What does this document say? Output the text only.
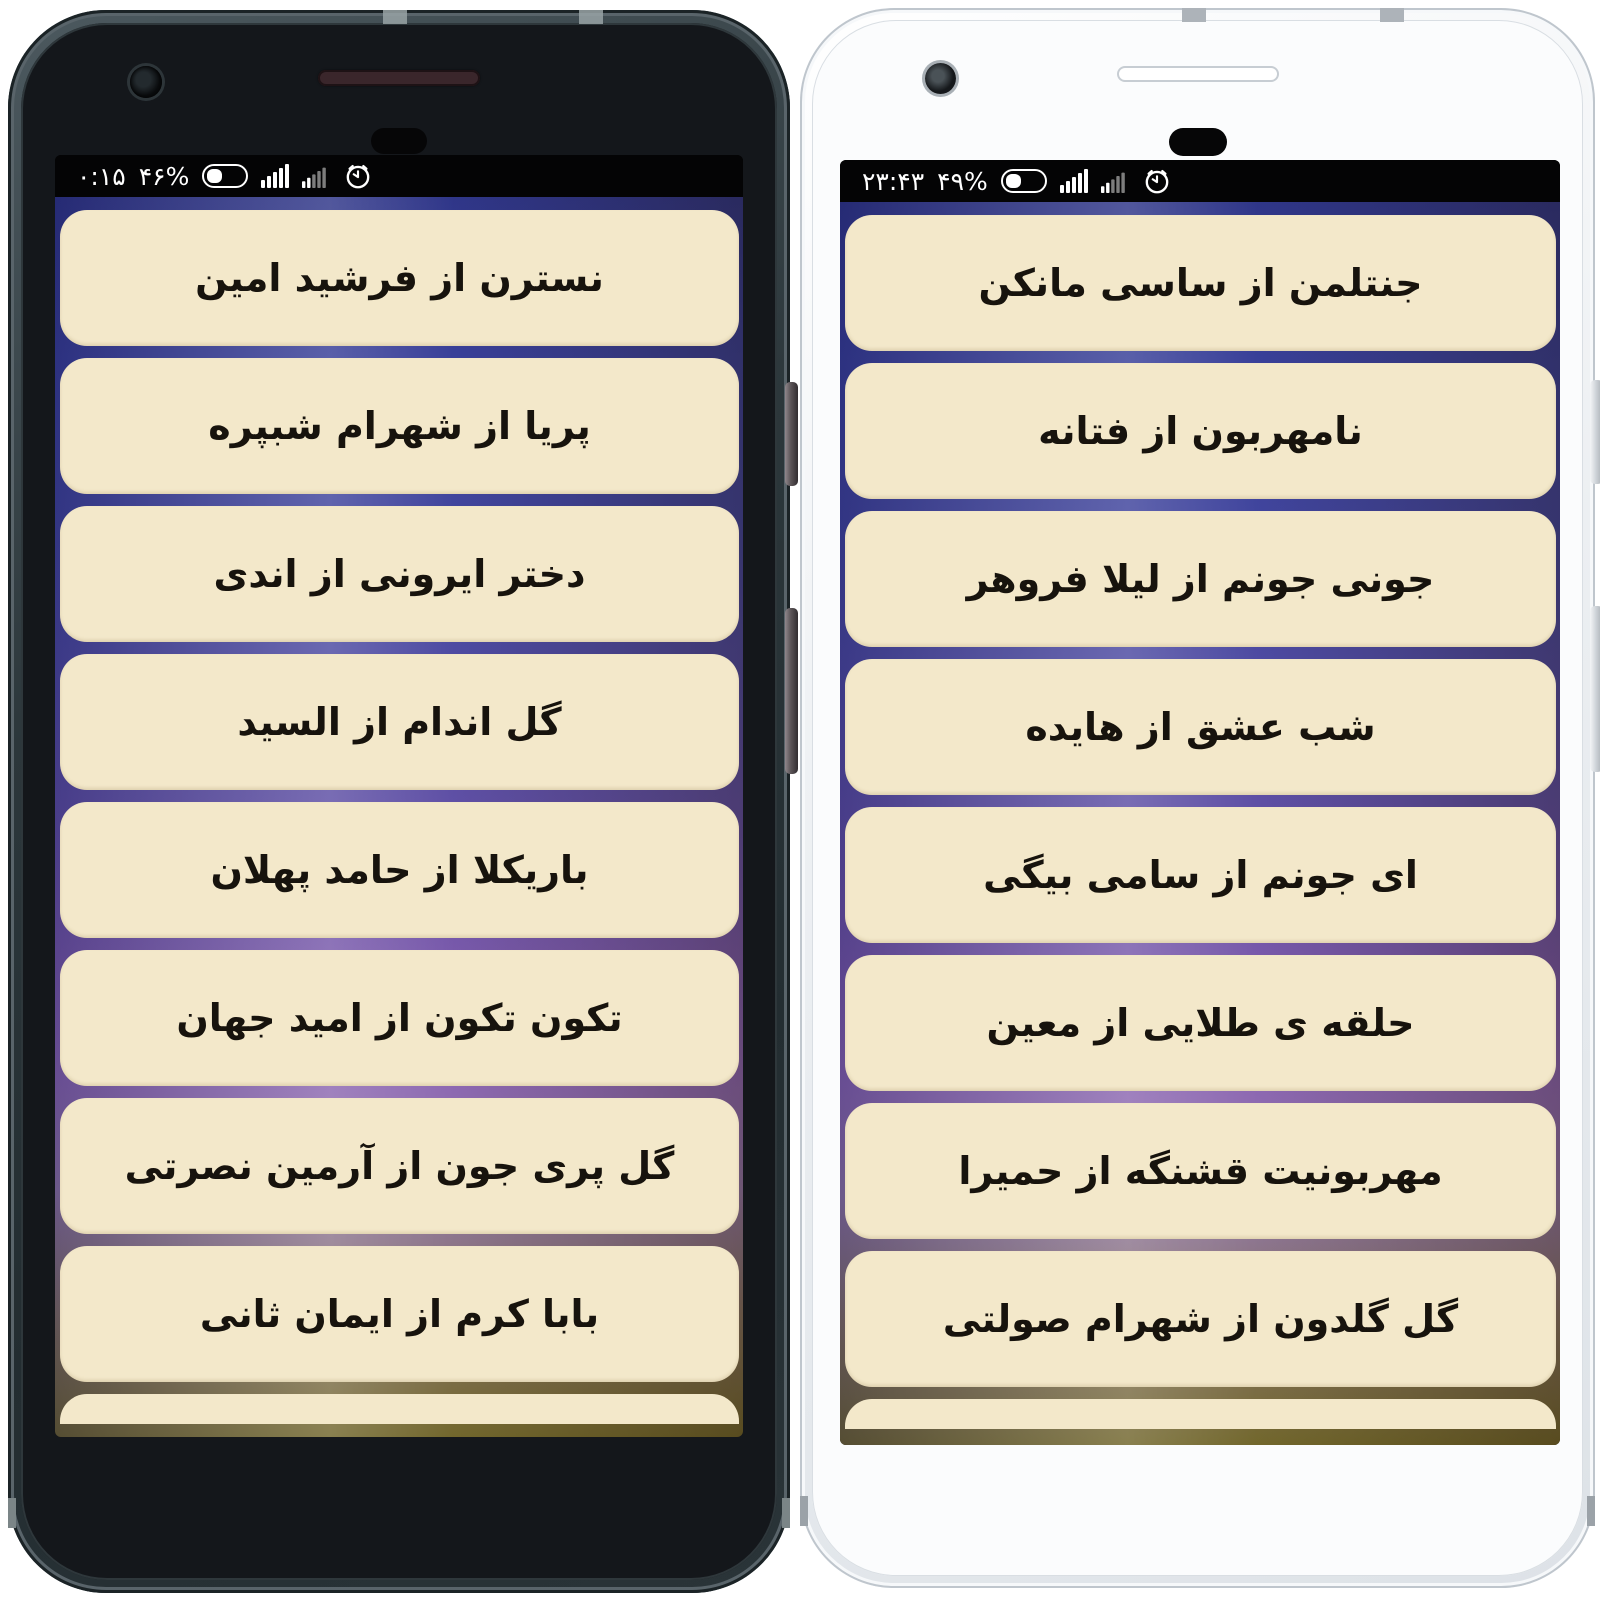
۰:۱۵ ۴۶%
نسترن از فرشید امین
پریا از شهرام شبپره
دختر ایرونی از اندی
گل اندام از السید
باریکلا از حامد پهلان
تکون تکون از امید جهان
گل پری جون از آرمین نصرتی
بابا کرم از ایمان ثانی
۲۳:۴۳ ۴۹%
جنتلمن از ساسی مانکن
نامهربون از فتانه
جونی جونم از لیلا فروهر
شب عشق از هایده
ای جونم از سامی بیگی
حلقه ی طلایی از معین
مهربونیت قشنگه از حمیرا
گل گلدون از شهرام صولتی
